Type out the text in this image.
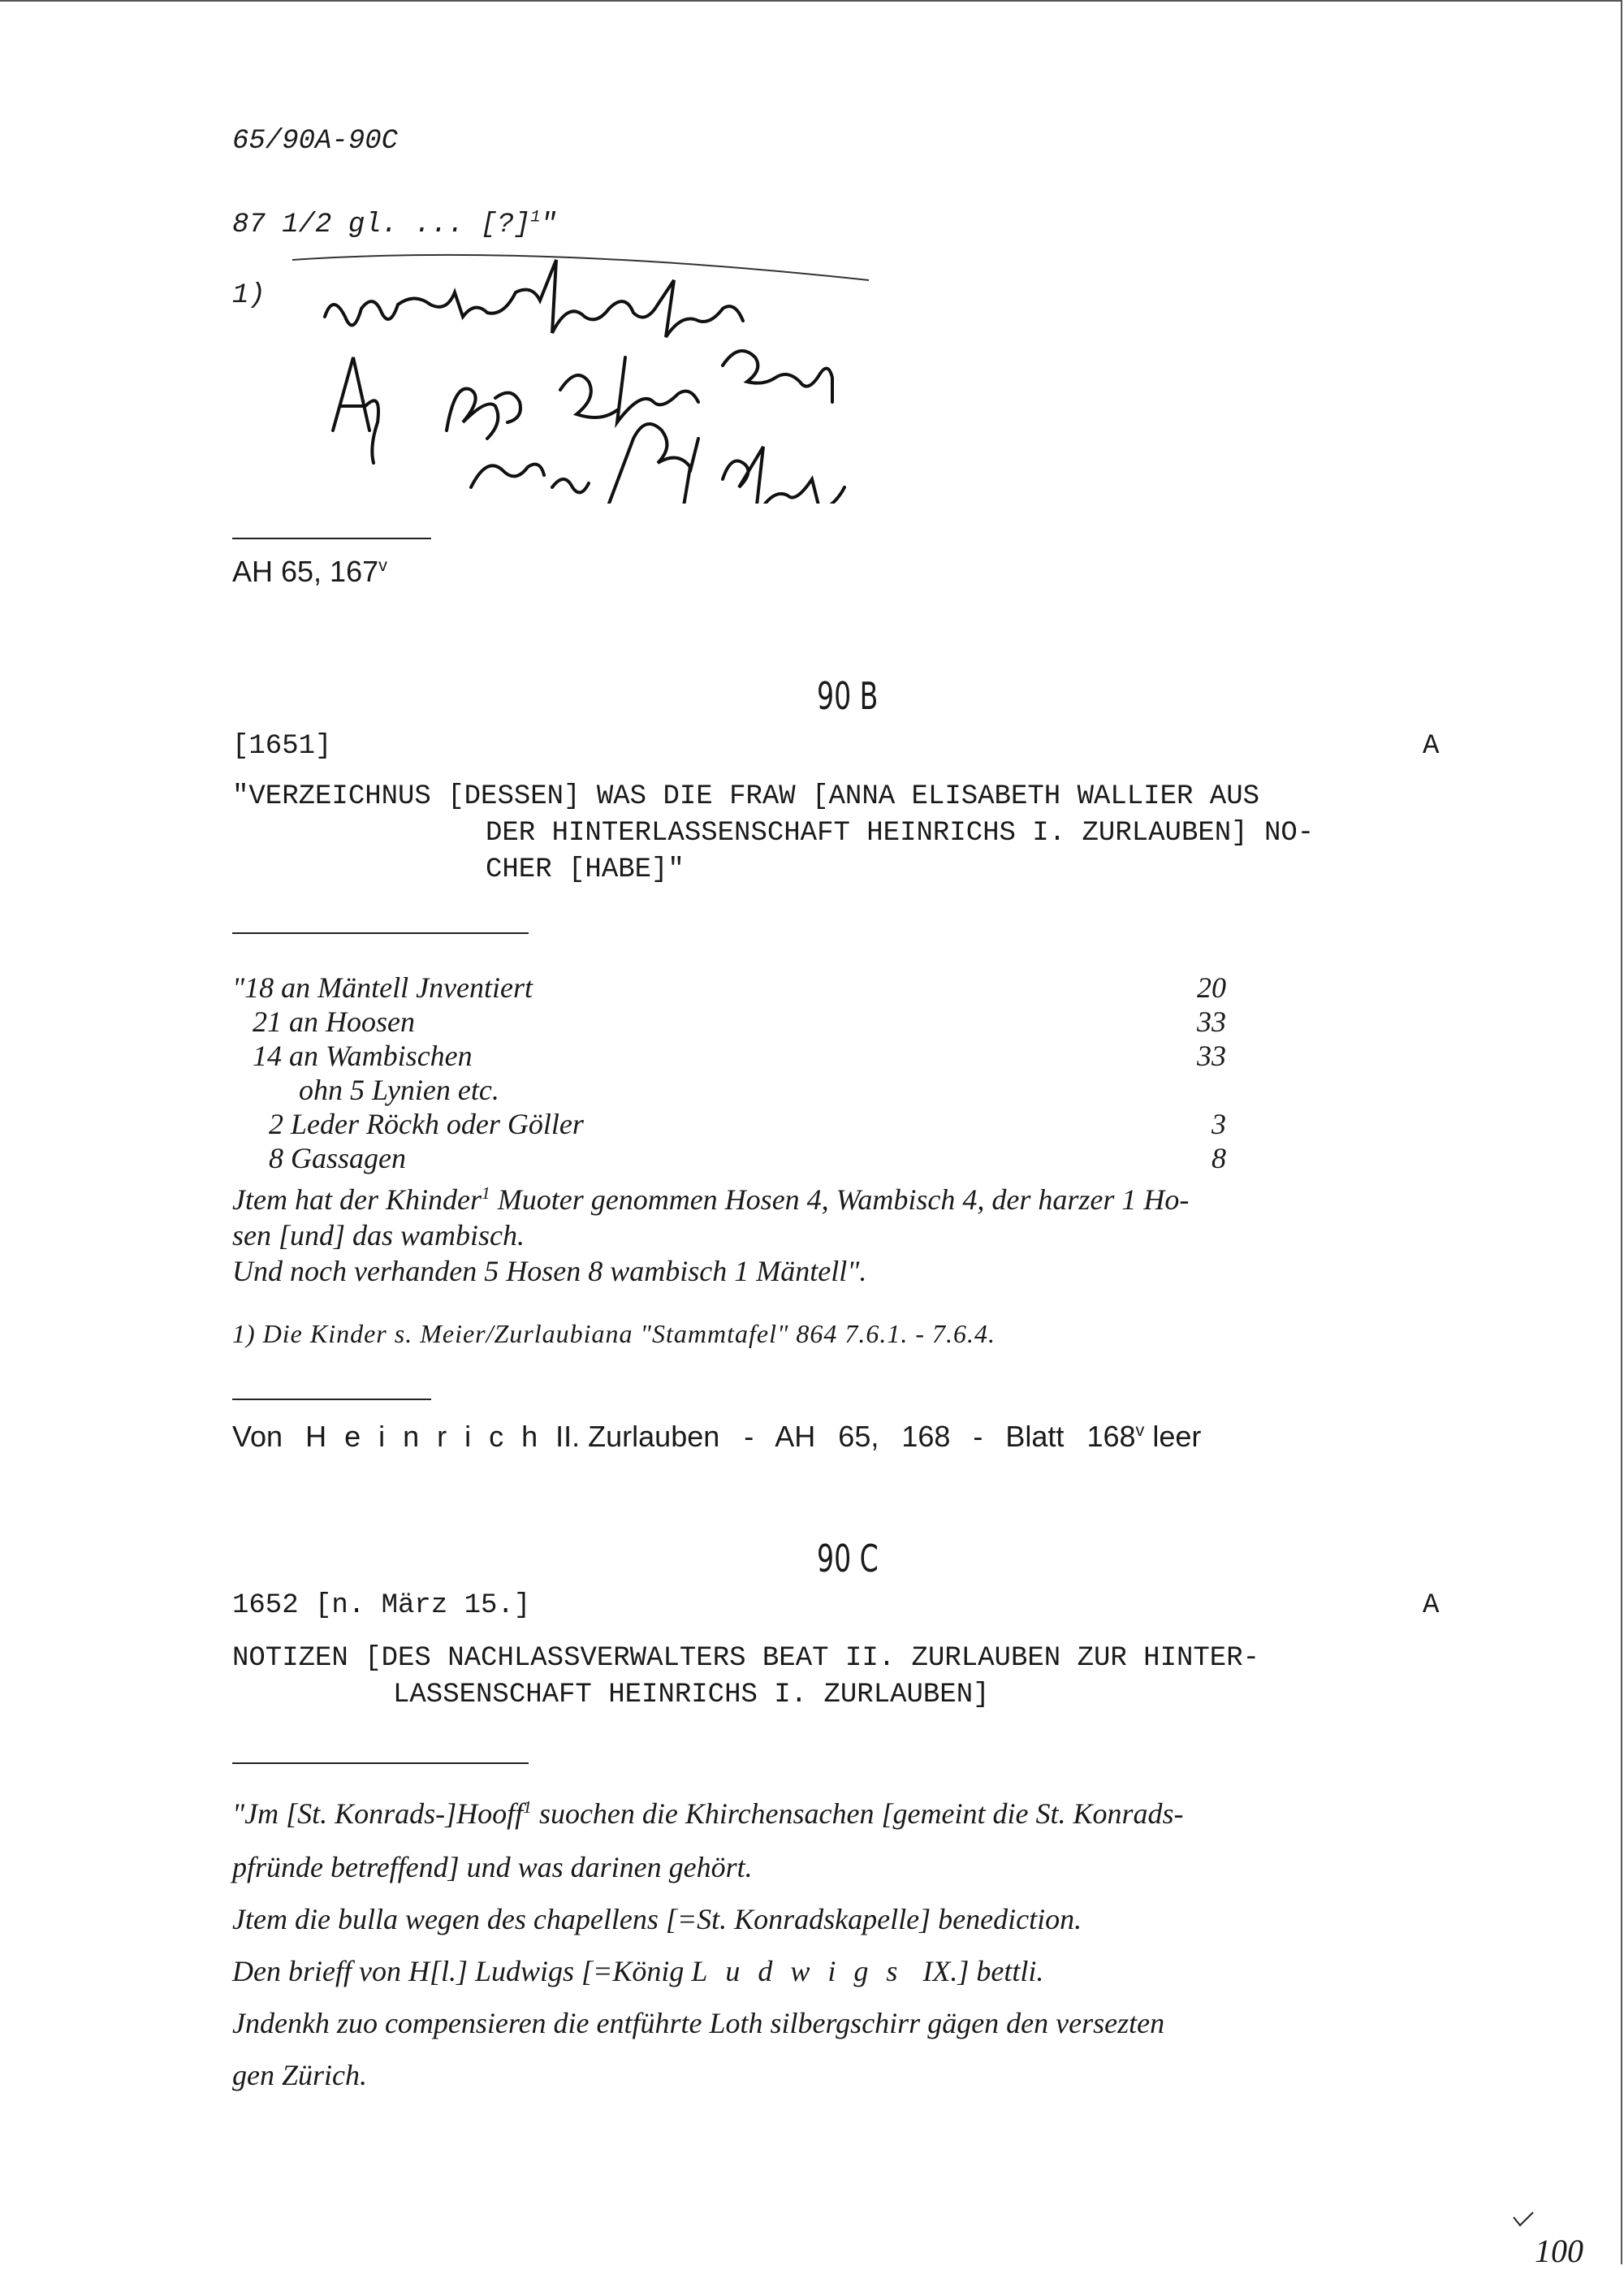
65/90A-90C
87 1/2 gl. ... [?]$^1$"
1)
AH 65, 167$^v$
90 B
[1651]	A
"VERZEICHNUS [DESSEN] WAS DIE FRAW [ANNA ELISABETH WALLIER AUS
DER HINTERLASSENSCHAFT HEINRICHS I. ZURLAUBEN] NO-
CHER [HABE]"
"18 an Mäntell Jnventiert	20
21 an Hoosen	33
14 an Wambischen	33
ohn 5 Lynien etc.
2 Leder Röckh oder Göller	3
8 Gassagen	8
Jtem hat der Khinder$^1$ Muoter genommen Hosen 4, Wambisch 4, der harzer 1 Ho-
sen [und] das wambisch.
Und noch verhanden 5 Hosen 8 wambisch 1 Mäntell".
1) Die Kinder s. Meier/Zurlaubiana "Stammtafel" 864 7.6.1. - 7.6.4.
Von HeinrichII. Zurlauben - AH 65, 168 - Blatt 168$^v$ leer
90 C
1652 [n. März 15.]	A
NOTIZEN [DES NACHLASSVERWALTERS BEAT II. ZURLAUBEN ZUR HINTER-
LASSENSCHAFT HEINRICHS I. ZURLAUBEN]
"Jm [St. Konrads-]Hooff$^1$ suochen die Khirchensachen [gemeint die St. Konrads-
pfründe betreffend] und was darinen gehört.
Jtem die bulla wegen des chapellens [=St. Konradskapelle] benediction.
Den brieff von H[l.] Ludwigs [=König Ludwigs IX.] bettli.
Jndenkh zuo compensieren die entführte Loth silbergschirr gägen den versezten
gen Zürich.
100
